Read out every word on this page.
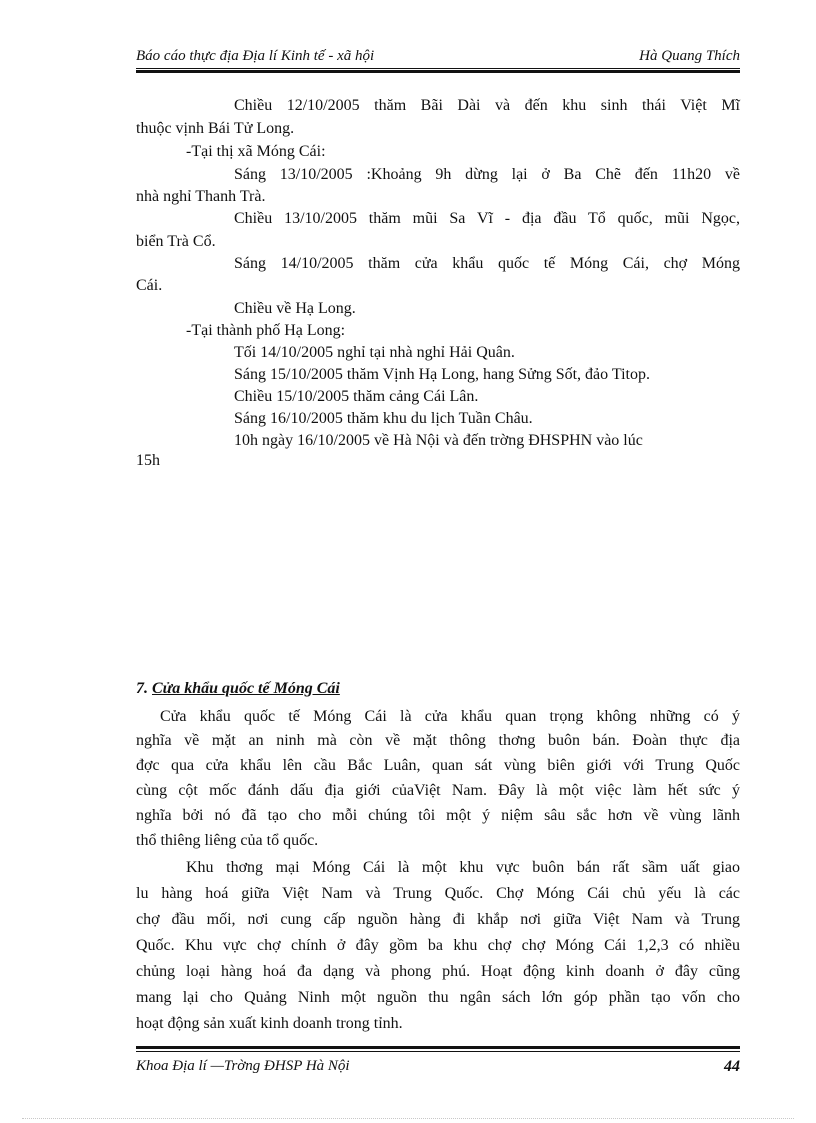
Báo cáo thực địa Địa lí Kinh tế - xã hội	Hà Quang Thích
Chiều 12/10/2005 thăm Bãi Dài và đến khu sinh thái Việt Mĩ
thuộc vịnh Bái Tử Long.
-Tại thị xã Móng Cái:
Sáng 13/10/2005 :Khoảng 9h dừng lại ở Ba Chẽ đến 11h20 về
nhà nghỉ Thanh Trà.
Chiều 13/10/2005 thăm mũi Sa Vĩ - địa đầu Tổ quốc, mũi Ngọc,
biển Trà Cổ.
Sáng 14/10/2005 thăm cửa khẩu quốc tế Móng Cái, chợ Móng
Cái.
Chiều về Hạ Long.
-Tại thành phố Hạ Long:
Tối 14/10/2005 nghỉ tại nhà nghỉ Hải Quân.
Sáng 15/10/2005 thăm Vịnh Hạ Long, hang Sửng Sốt, đảo Titop.
Chiều 15/10/2005 thăm cảng Cái Lân.
Sáng 16/10/2005 thăm khu du lịch Tuần Châu.
10h ngày 16/10/2005 về Hà Nội và đến trờng ĐHSPHN vào lúc
15h
7. Cửa khẩu quốc tế Móng Cái
Cửa khẩu quốc tế Móng Cái là cửa khẩu quan trọng không những có ý
nghĩa về mặt an ninh mà còn về mặt thông thơng buôn bán. Đoàn thực địa
đợc qua cửa khẩu lên cầu Bắc Luân, quan sát vùng biên giới với Trung Quốc
cùng cột mốc đánh dấu địa giới củaViệt Nam. Đây là một việc làm hết sức ý
nghĩa bởi nó đã tạo cho mỗi chúng tôi một ý niệm sâu sắc hơn về vùng lãnh
thổ thiêng liêng của tổ quốc.
Khu thơng mại Móng Cái là một khu vực buôn bán rất sầm uất giao
lu hàng hoá giữa Việt Nam và Trung Quốc. Chợ Móng Cái chủ yếu là các
chợ đầu mối, nơi cung cấp nguồn hàng đi khắp nơi giữa Việt Nam và Trung
Quốc. Khu vực chợ chính ở đây gồm ba khu chợ chợ Móng Cái 1,2,3 có nhiều
chủng loại hàng hoá đa dạng và phong phú. Hoạt động kinh doanh ở đây cũng
mang lại cho Quảng Ninh một nguồn thu ngân sách lớn góp phần tạo vốn cho
hoạt động sản xuất kinh doanh trong tỉnh.
Khoa Địa lí —Trờng ĐHSP Hà Nội	44
